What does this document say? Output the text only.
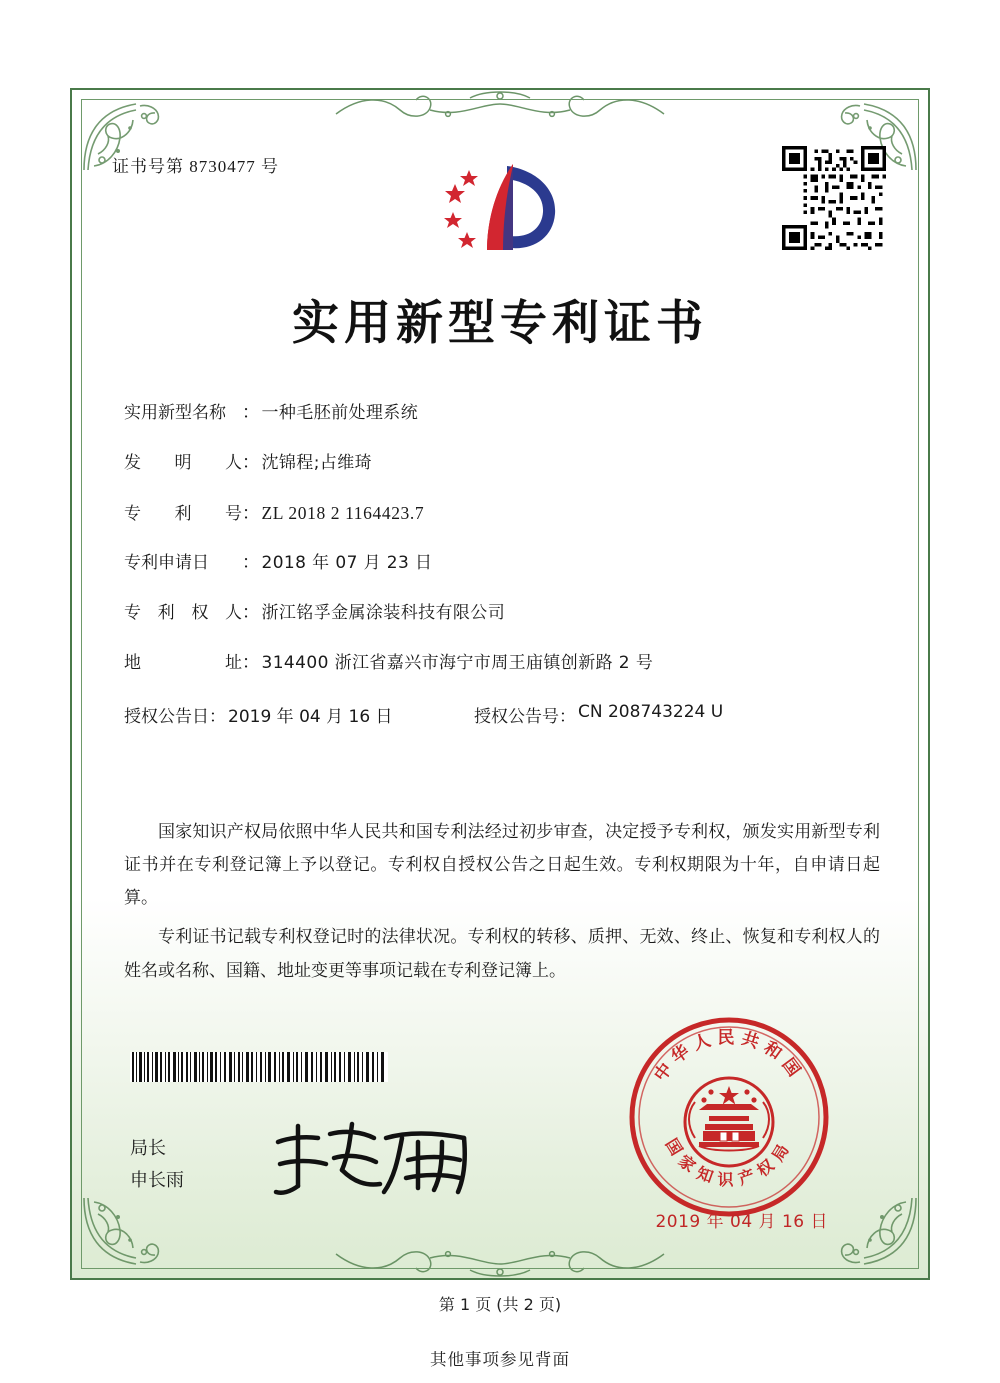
证书号第 8730477 号
实用新型专利证书
实用新型名称 ： 一种毛胚前处理系统
发 明 人 ： 沈锦程;占维琦
专 利 号 ： ZL 2018 2 1164423.7
专利申请日 ： 2018 年 07 月 23 日
专 利 权 人 ： 浙江铭孚金属涂装科技有限公司
地	址 ： 314400 浙江省嘉兴市海宁市周王庙镇创新路 2 号
授权公告日 ： 2019 年 04 月 16 日	授权公告号 ： CN 208743224 U

国家知识产权局依照中华人民共和国专利法经过初步审查，决定授予专利权，颁发实用新型专利证书并在专利登记簿上予以登记。专利权自授权公告之日起生效。专利权期限为十年，自申请日起算。

专利证书记载专利权登记时的法律状况。专利权的转移、质押、无效、终止、恢复和专利权人的姓名或名称、国籍、地址变更等事项记载在专利登记簿上。

局长
申长雨
中华人民共和国
国家知识产权局
2019 年 04 月 16 日
第 1 页 (共 2 页)
其他事项参见背面
